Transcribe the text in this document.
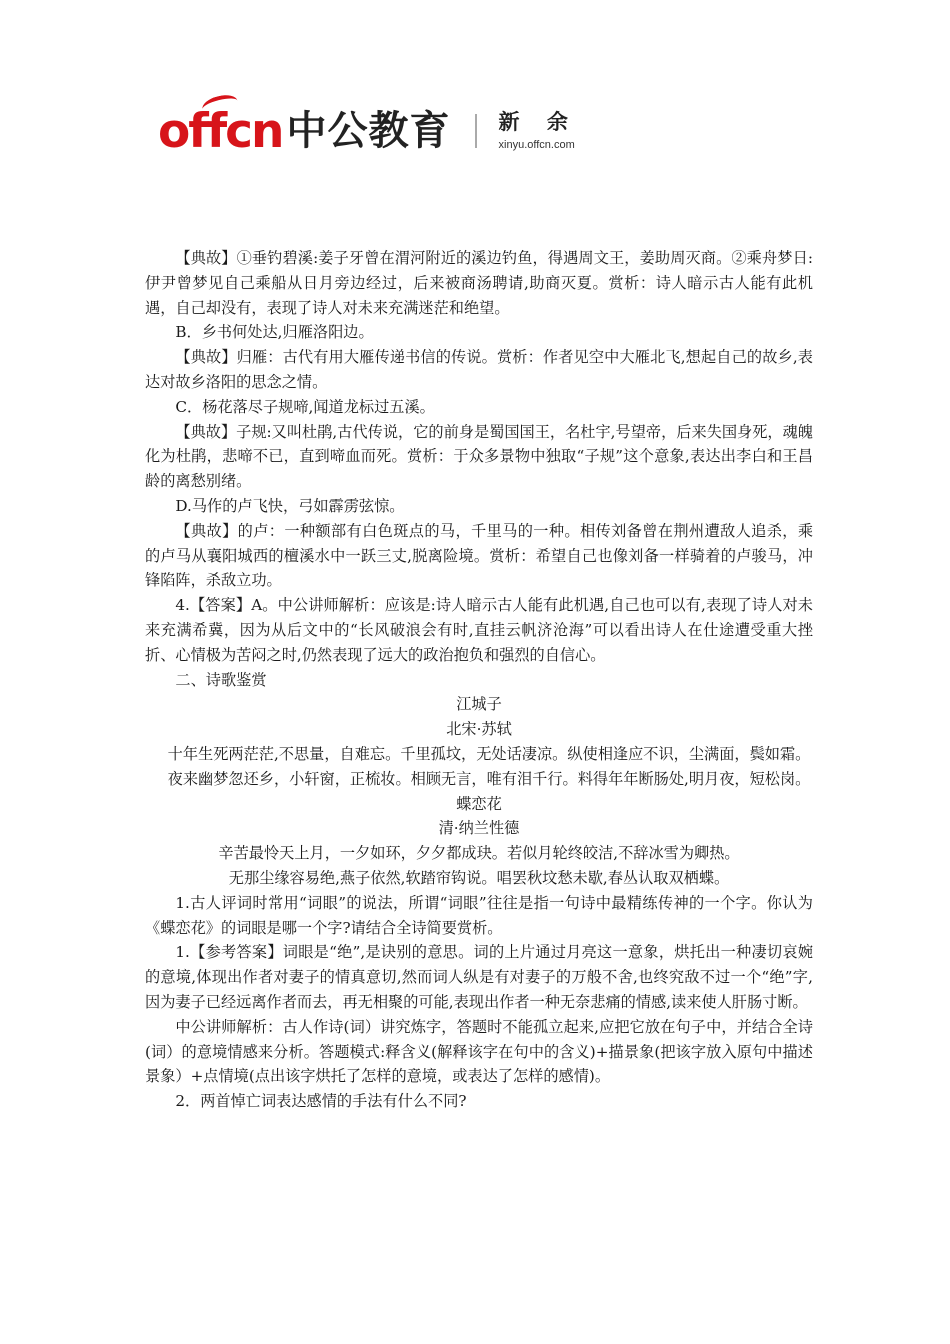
offcn 中公教育 新 余
xinyu.offcn.com

【典故】①垂钓碧溪:姜子牙曾在渭河附近的溪边钓鱼，得遇周文王，姜助周灭商。②乘舟梦日:伊尹曾梦见自己乘船从日月旁边经过，后来被商汤聘请,助商灭夏。赏析：诗人暗示古人能有此机遇，自己却没有，表现了诗人对未来充满迷茫和绝望。

B．乡书何处达,归雁洛阳边。

【典故】归雁：古代有用大雁传递书信的传说。赏析：作者见空中大雁北飞,想起自己的故乡,表达对故乡洛阳的思念之情。

C．杨花落尽子规啼,闻道龙标过五溪。

【典故】子规:又叫杜鹃,古代传说，它的前身是蜀国国王，名杜宇,号望帝，后来失国身死，魂魄化为杜鹃，悲啼不已，直到啼血而死。赏析：于众多景物中独取“子规”这个意象,表达出李白和王昌龄的离愁别绪。

D.马作的卢飞快，弓如霹雳弦惊。

【典故】的卢：一种额部有白色斑点的马，千里马的一种。相传刘备曾在荆州遭敌人追杀，乘的卢马从襄阳城西的檀溪水中一跃三丈,脱离险境。赏析：希望自己也像刘备一样骑着的卢骏马，冲锋陷阵，杀敌立功。

4.【答案】A。中公讲师解析：应该是:诗人暗示古人能有此机遇,自己也可以有,表现了诗人对未来充满希冀，因为从后文中的“长风破浪会有时,直挂云帆济沧海”可以看出诗人在仕途遭受重大挫折、心情极为苦闷之时,仍然表现了远大的政治抱负和强烈的自信心。

二、诗歌鉴赏

江城子

北宋·苏轼

十年生死两茫茫,不思量，自难忘。千里孤坟，无处话凄凉。纵使相逢应不识，尘满面，鬓如霜。

夜来幽梦忽还乡，小轩窗，正梳妆。相顾无言，唯有泪千行。料得年年断肠处,明月夜，短松岗。

蝶恋花

清·纳兰性德

辛苦最怜天上月，一夕如环，夕夕都成玦。若似月轮终皎洁,不辞冰雪为卿热。

无那尘缘容易绝,燕子依然,软踏帘钩说。唱罢秋坟愁未歇,春丛认取双栖蝶。

1.古人评词时常用“词眼”的说法，所谓“词眼”往往是指一句诗中最精练传神的一个字。你认为《蝶恋花》的词眼是哪一个字?请结合全诗简要赏析。

1.【参考答案】词眼是“绝”,是诀别的意思。词的上片通过月亮这一意象，烘托出一种凄切哀婉的意境,体现出作者对妻子的情真意切,然而词人纵是有对妻子的万般不舍,也终究敌不过一个“绝”字,因为妻子已经远离作者而去，再无相聚的可能,表现出作者一种无奈悲痛的情感,读来使人肝肠寸断。

中公讲师解析：古人作诗(词）讲究炼字，答题时不能孤立起来,应把它放在句子中，并结合全诗(词）的意境情感来分析。答题模式:释含义(解释该字在句中的含义)+描景象(把该字放入原句中描述景象）+点情境(点出该字烘托了怎样的意境，或表达了怎样的感情)。

2．两首悼亡词表达感情的手法有什么不同?
